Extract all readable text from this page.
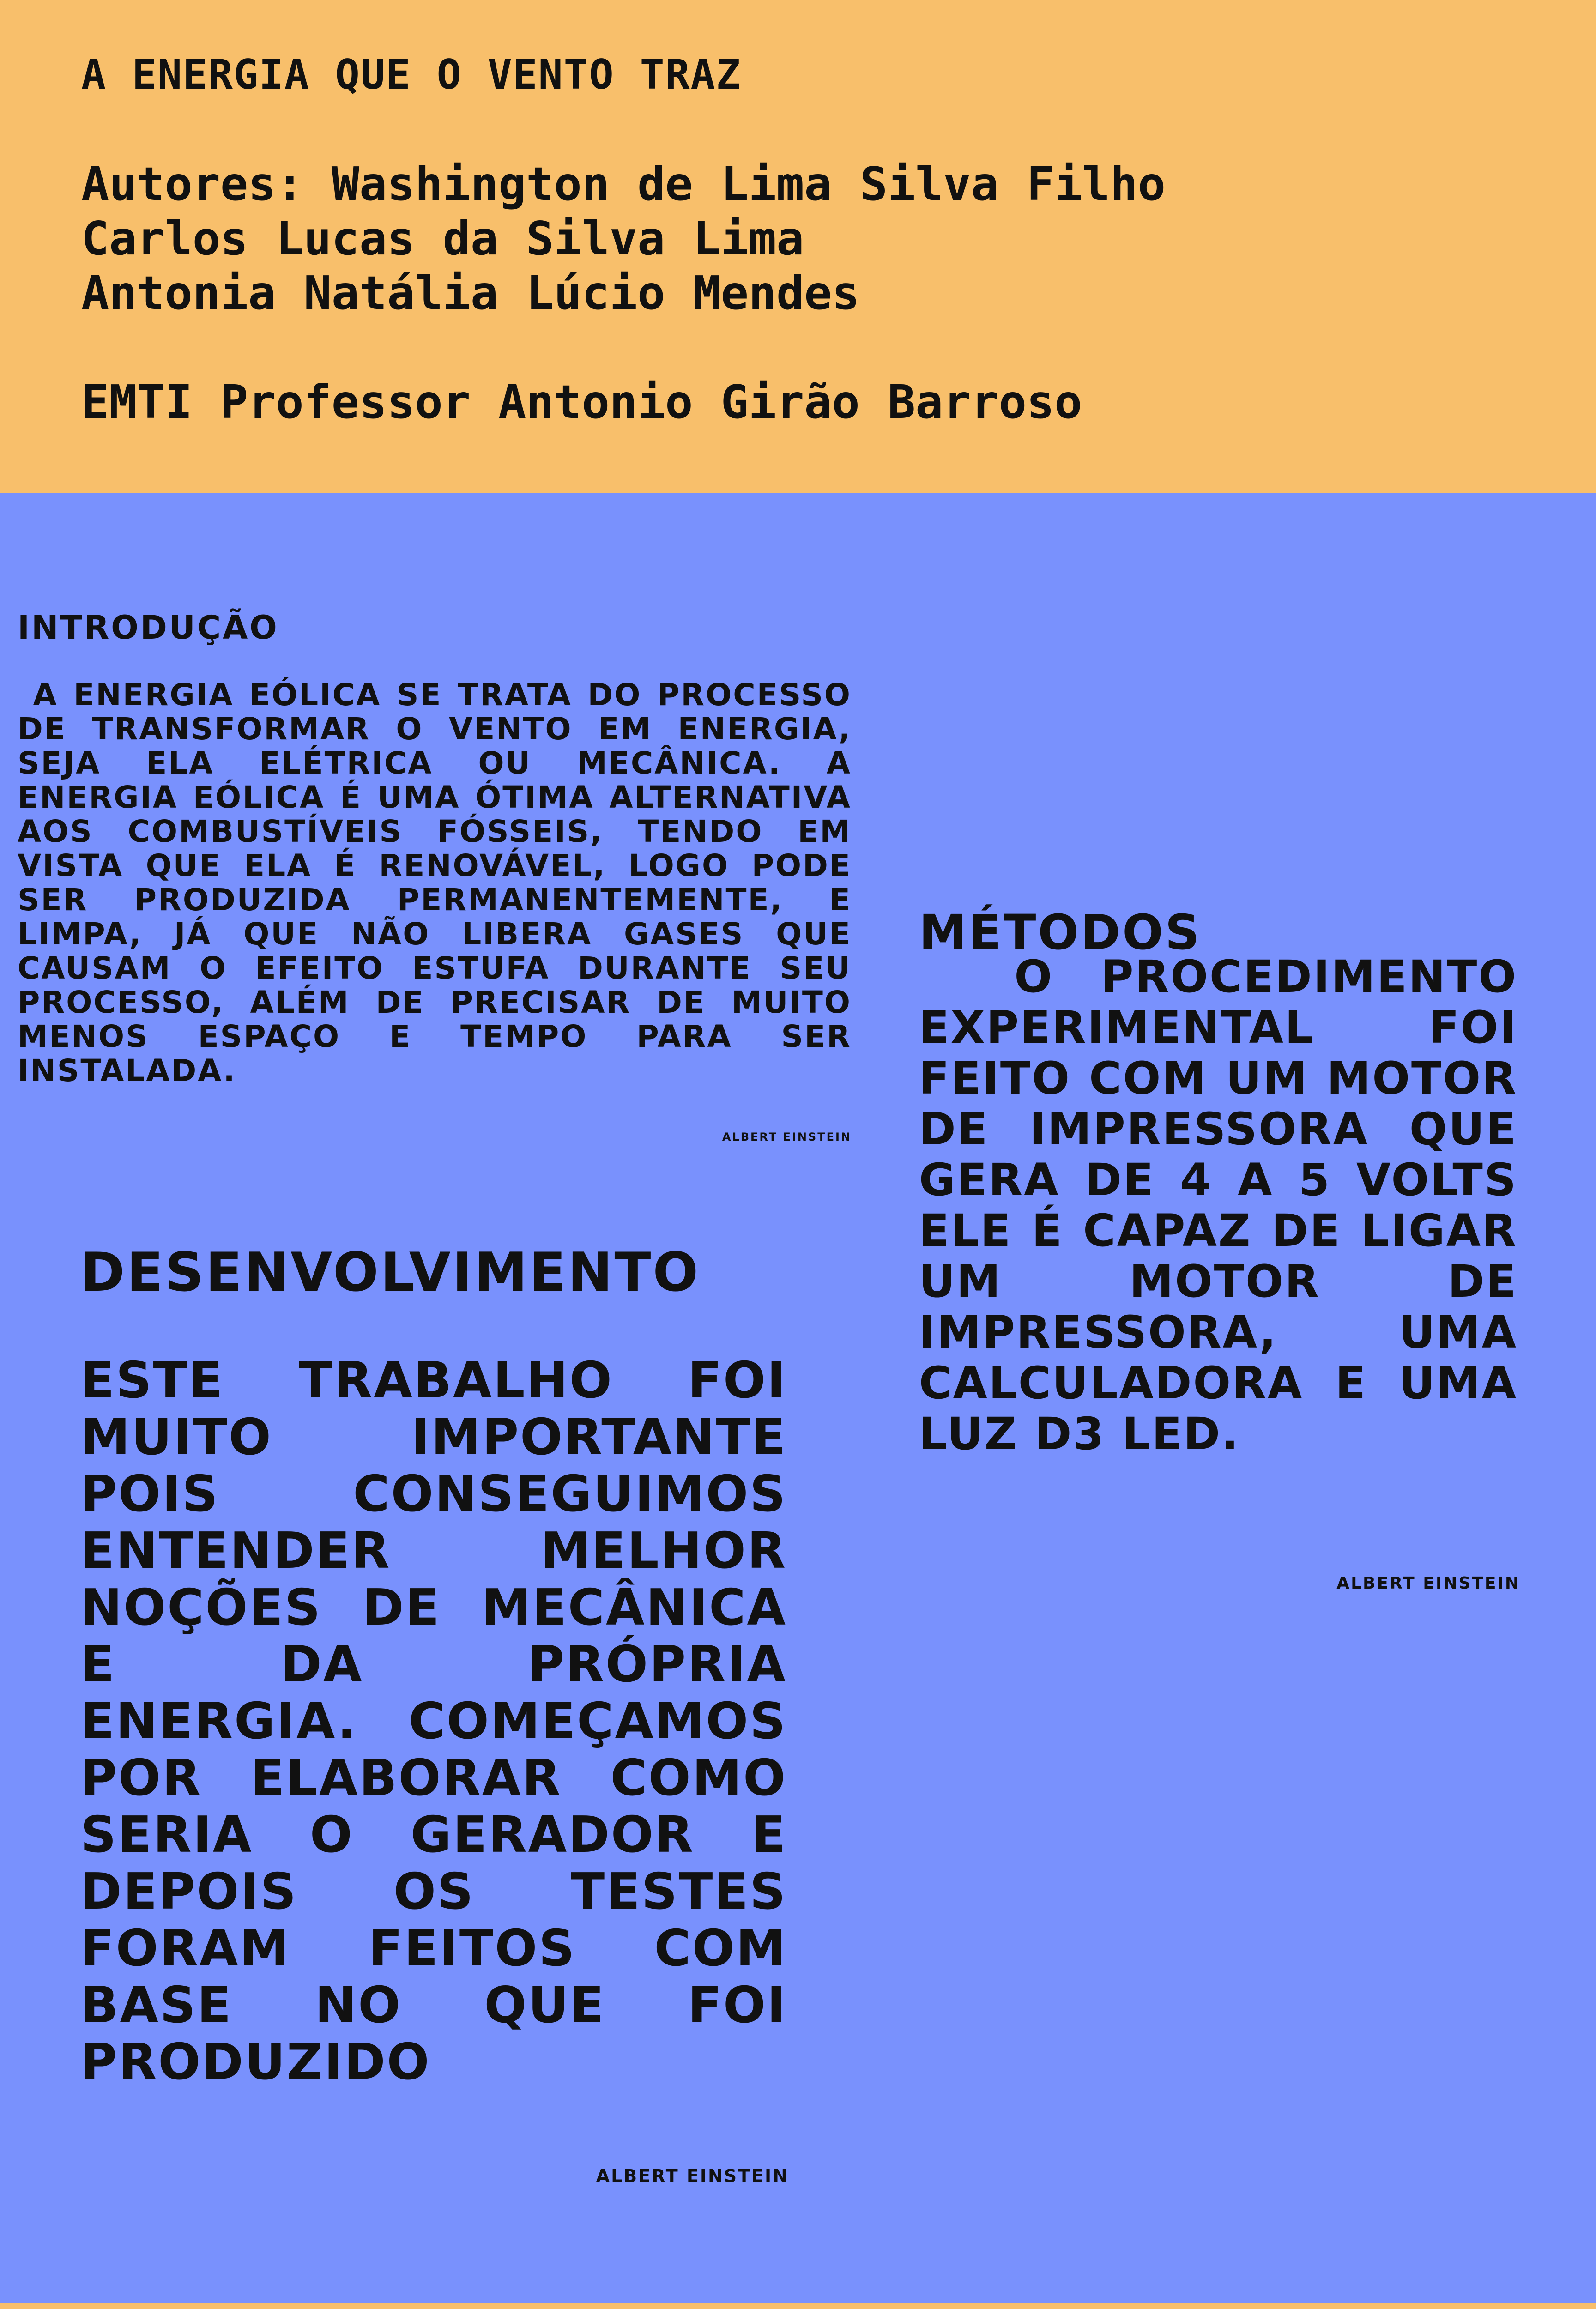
A ENERGIA QUE O VENTO TRAZ
Autores: Washington de Lima Silva Filho
Carlos Lucas da Silva Lima
Antonia Natália Lúcio Mendes
EMTI Professor Antonio Girão Barroso
INTRODUÇÃO

A ENERGIA EÓLICA SE TRATA DO PROCESSO DE TRANSFORMAR O VENTO EM ENERGIA, SEJA ELA ELÉTRICA OU MECÂNICA. A ENERGIA EÓLICA É UMA ÓTIMA ALTERNATIVA AOS COMBUSTÍVEIS FÓSSEIS, TENDO EM VISTA QUE ELA É RENOVÁVEL, LOGO PODE SER PRODUZIDA PERMANENTEMENTE, E LIMPA, JÁ QUE NÃO LIBERA GASES QUE CAUSAM O EFEITO ESTUFA DURANTE SEU PROCESSO, ALÉM DE PRECISAR DE MUITO MENOS ESPAÇO E TEMPO PARA SER INSTALADA.

ALBERT EINSTEIN
MÉTODOS

O PROCEDIMENTO EXPERIMENTAL FOI FEITO COM UM MOTOR DE IMPRESSORA QUE GERA DE 4 A 5 VOLTS ELE É CAPAZ DE LIGAR UM MOTOR DE IMPRESSORA, UMA CALCULADORA E UMA LUZ D3 LED.

ALBERT EINSTEIN
DESENVOLVIMENTO

ESTE TRABALHO FOI MUITO IMPORTANTE POIS CONSEGUIMOS ENTENDER MELHOR NOÇÕES DE MECÂNICA E DA PRÓPRIA ENERGIA. COMEÇAMOS POR ELABORAR COMO SERIA O GERADOR E DEPOIS OS TESTES FORAM FEITOS COM BASE NO QUE FOI PRODUZIDO

ALBERT EINSTEIN
